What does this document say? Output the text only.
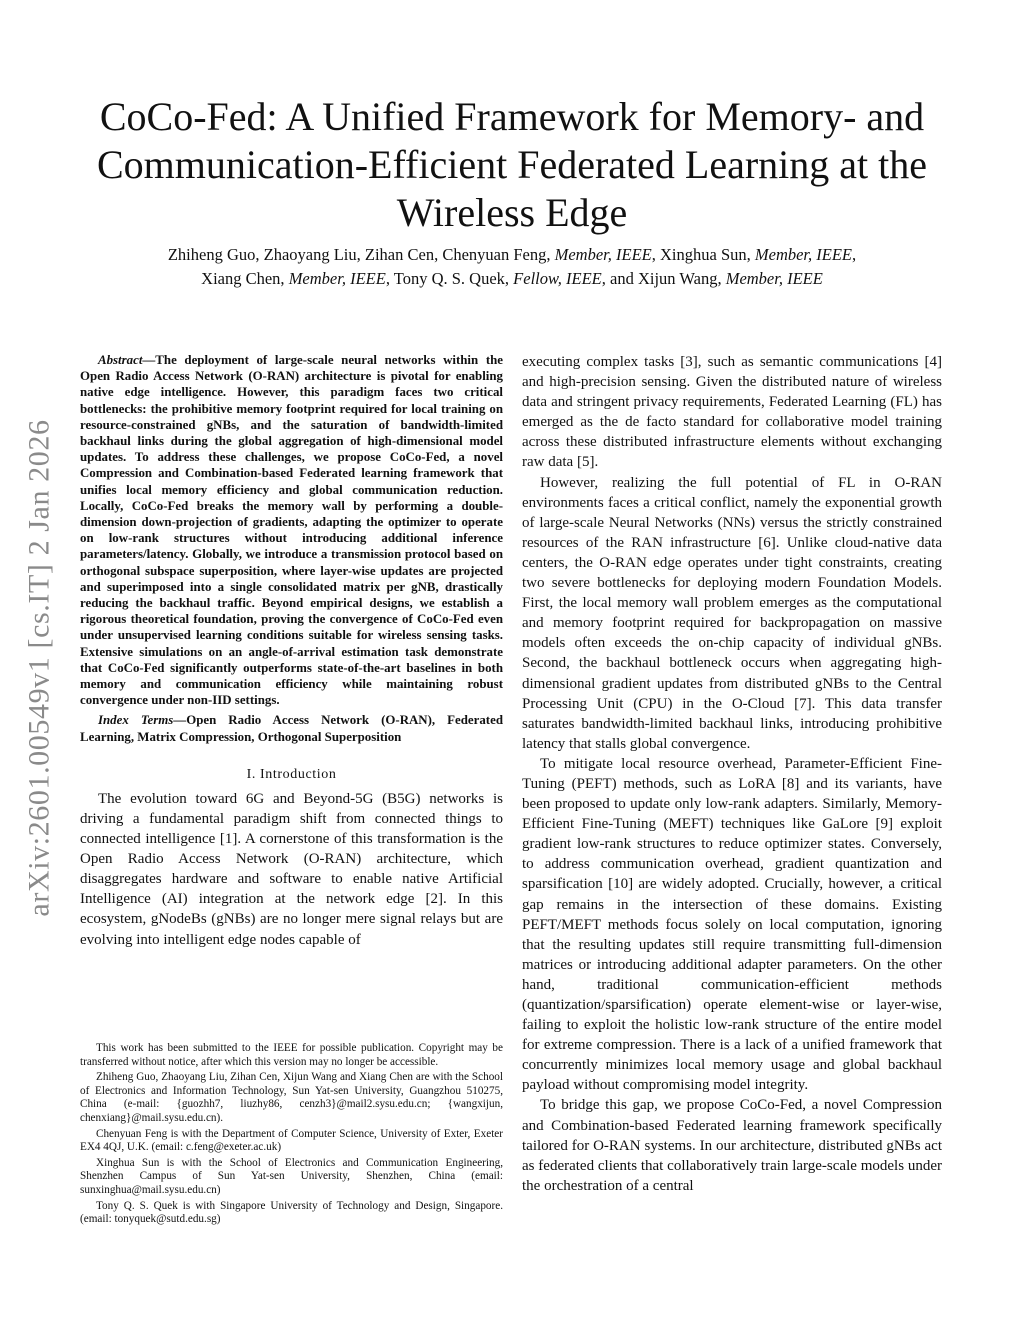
arXiv:2601.00549v1 [cs.IT] 2 Jan 2026
CoCo-Fed: A Unified Framework for Memory- and Communication-Efficient Federated Learning at the Wireless Edge
Zhiheng Guo, Zhaoyang Liu, Zihan Cen, Chenyuan Feng, Member, IEEE, Xinghua Sun, Member, IEEE,
Xiang Chen, Member, IEEE, Tony Q. S. Quek, Fellow, IEEE, and Xijun Wang, Member, IEEE

Abstract—The deployment of large-scale neural networks within the Open Radio Access Network (O-RAN) architecture is pivotal for enabling native edge intelligence. However, this paradigm faces two critical bottlenecks: the prohibitive memory footprint required for local training on resource-constrained gNBs, and the saturation of bandwidth-limited backhaul links during the global aggregation of high-dimensional model updates. To address these challenges, we propose CoCo-Fed, a novel Compression and Combination-based Federated learning framework that unifies local memory efficiency and global communication reduction. Locally, CoCo-Fed breaks the memory wall by performing a double-dimension down-projection of gradients, adapting the optimizer to operate on low-rank structures without introducing additional inference parameters/latency. Globally, we introduce a transmission protocol based on orthogonal subspace superposition, where layer-wise updates are projected and superimposed into a single consolidated matrix per gNB, drastically reducing the backhaul traffic. Beyond empirical designs, we establish a rigorous theoretical foundation, proving the convergence of CoCo-Fed even under unsupervised learning conditions suitable for wireless sensing tasks. Extensive simulations on an angle-of-arrival estimation task demonstrate that CoCo-Fed significantly outperforms state-of-the-art baselines in both memory and communication efficiency while maintaining robust convergence under non-IID settings.

Index Terms—Open Radio Access Network (O-RAN), Federated Learning, Matrix Compression, Orthogonal Superposition

I. Introduction

The evolution toward 6G and Beyond-5G (B5G) networks is driving a fundamental paradigm shift from connected things to connected intelligence [1]. A cornerstone of this transformation is the Open Radio Access Network (O-RAN) architecture, which disaggregates hardware and software to enable native Artificial Intelligence (AI) integration at the network edge [2]. In this ecosystem, gNodeBs (gNBs) are no longer mere signal relays but are evolving into intelligent edge nodes capable of

This work has been submitted to the IEEE for possible publication. Copyright may be transferred without notice, after which this version may no longer be accessible.

Zhiheng Guo, Zhaoyang Liu, Zihan Cen, Xijun Wang and Xiang Chen are with the School of Electronics and Information Technology, Sun Yat-sen University, Guangzhou 510275, China (e-mail: {guozhh7, liuzhy86, cenzh3}@mail2.sysu.edu.cn; {wangxijun, chenxiang}@mail.sysu.edu.cn).

Chenyuan Feng is with the Department of Computer Science, University of Exter, Exeter EX4 4QJ, U.K. (email: c.feng@exeter.ac.uk)

Xinghua Sun is with the School of Electronics and Communication Engineering, Shenzhen Campus of Sun Yat-sen University, Shenzhen, China (email: sunxinghua@mail.sysu.edu.cn)

Tony Q. S. Quek is with Singapore University of Technology and Design, Singapore. (email: tonyquek@sutd.edu.sg)

executing complex tasks [3], such as semantic communications [4] and high-precision sensing. Given the distributed nature of wireless data and stringent privacy requirements, Federated Learning (FL) has emerged as the de facto standard for collaborative model training across these distributed infrastructure elements without exchanging raw data [5].

However, realizing the full potential of FL in O-RAN environments faces a critical conflict, namely the exponential growth of large-scale Neural Networks (NNs) versus the strictly constrained resources of the RAN infrastructure [6]. Unlike cloud-native data centers, the O-RAN edge operates under tight constraints, creating two severe bottlenecks for deploying modern Foundation Models. First, the local memory wall problem emerges as the computational and memory footprint required for backpropagation on massive models often exceeds the on-chip capacity of individual gNBs. Second, the backhaul bottleneck occurs when aggregating high-dimensional gradient updates from distributed gNBs to the Central Processing Unit (CPU) in the O-Cloud [7]. This data transfer saturates bandwidth-limited backhaul links, introducing prohibitive latency that stalls global convergence.

To mitigate local resource overhead, Parameter-Efficient Fine-Tuning (PEFT) methods, such as LoRA [8] and its variants, have been proposed to update only low-rank adapters. Similarly, Memory-Efficient Fine-Tuning (MEFT) techniques like GaLore [9] exploit gradient low-rank structures to reduce optimizer states. Conversely, to address communication overhead, gradient quantization and sparsification [10] are widely adopted. Crucially, however, a critical gap remains in the intersection of these domains. Existing PEFT/MEFT methods focus solely on local computation, ignoring that the resulting updates still require transmitting full-dimension matrices or introducing additional adapter parameters. On the other hand, traditional communication-efficient methods (quantization/sparsification) operate element-wise or layer-wise, failing to exploit the holistic low-rank structure of the entire model for extreme compression. There is a lack of a unified framework that concurrently minimizes local memory usage and global backhaul payload without compromising model integrity.

To bridge this gap, we propose CoCo-Fed, a novel Compression and Combination-based Federated learning framework specifically tailored for O-RAN systems. In our architecture, distributed gNBs act as federated clients that collaboratively train large-scale models under the orchestration of a central
